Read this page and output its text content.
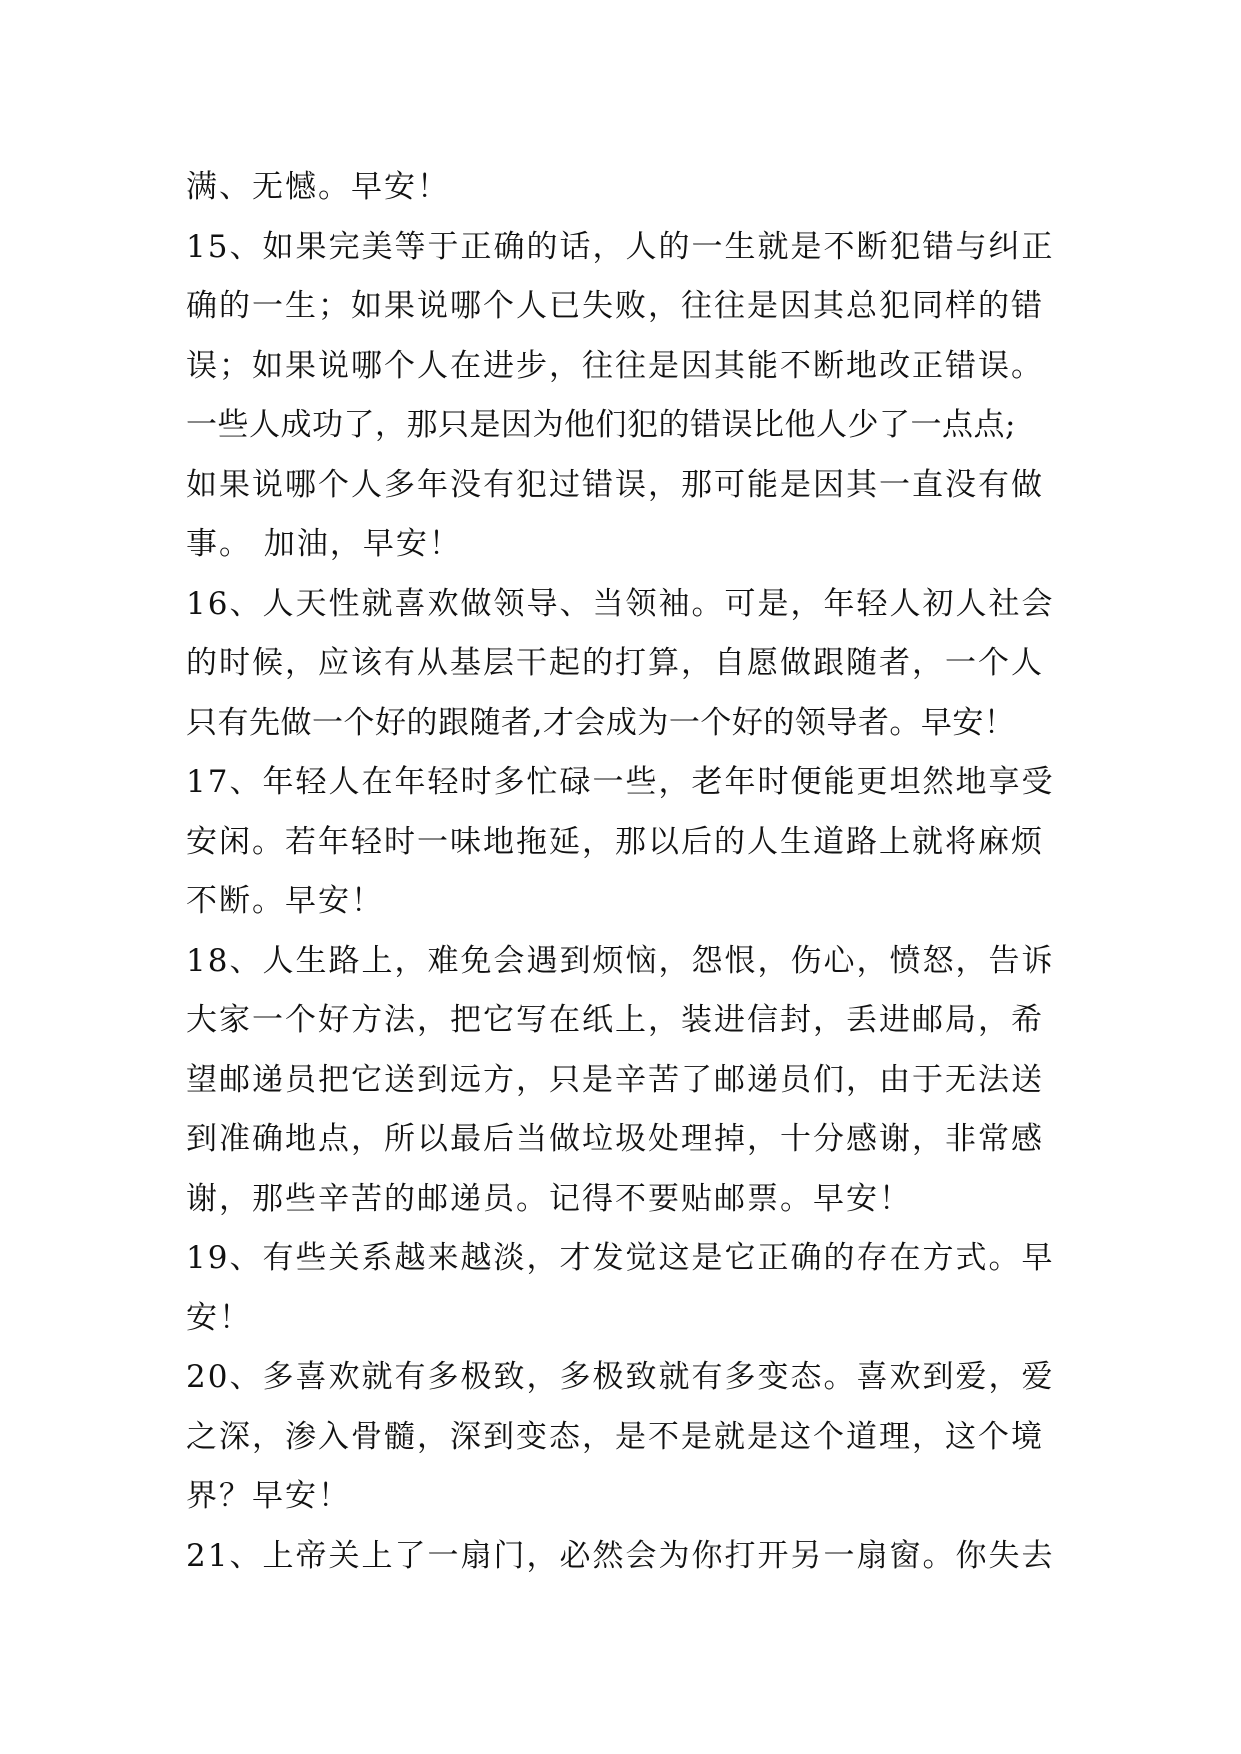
满、无憾。早安！
15、如果完美等于正确的话，人的一生就是不断犯错与纠正
确的一生；如果说哪个人已失败，往往是因其总犯同样的错
误；如果说哪个人在进步，往往是因其能不断地改正错误。
一些人成功了，那只是因为他们犯的错误比他人少了一点点;
如果说哪个人多年没有犯过错误，那可能是因其一直没有做
事。 加油，早安！
16、人天性就喜欢做领导、当领袖。可是，年轻人初人社会
的时候，应该有从基层干起的打算，自愿做跟随者，一个人
只有先做一个好的跟随者,才会成为一个好的领导者。早安！
17、年轻人在年轻时多忙碌一些，老年时便能更坦然地享受
安闲。若年轻时一味地拖延，那以后的人生道路上就将麻烦
不断。早安！
18、人生路上，难免会遇到烦恼，怨恨，伤心，愤怒，告诉
大家一个好方法，把它写在纸上，装进信封，丢进邮局，希
望邮递员把它送到远方，只是辛苦了邮递员们，由于无法送
到准确地点，所以最后当做垃圾处理掉，十分感谢，非常感
谢，那些辛苦的邮递员。记得不要贴邮票。早安！
19、有些关系越来越淡，才发觉这是它正确的存在方式。早
安！
20、多喜欢就有多极致，多极致就有多变态。喜欢到爱，爱
之深，渗入骨髓，深到变态，是不是就是这个道理，这个境
界？早安！
21、上帝关上了一扇门，必然会为你打开另一扇窗。你失去
